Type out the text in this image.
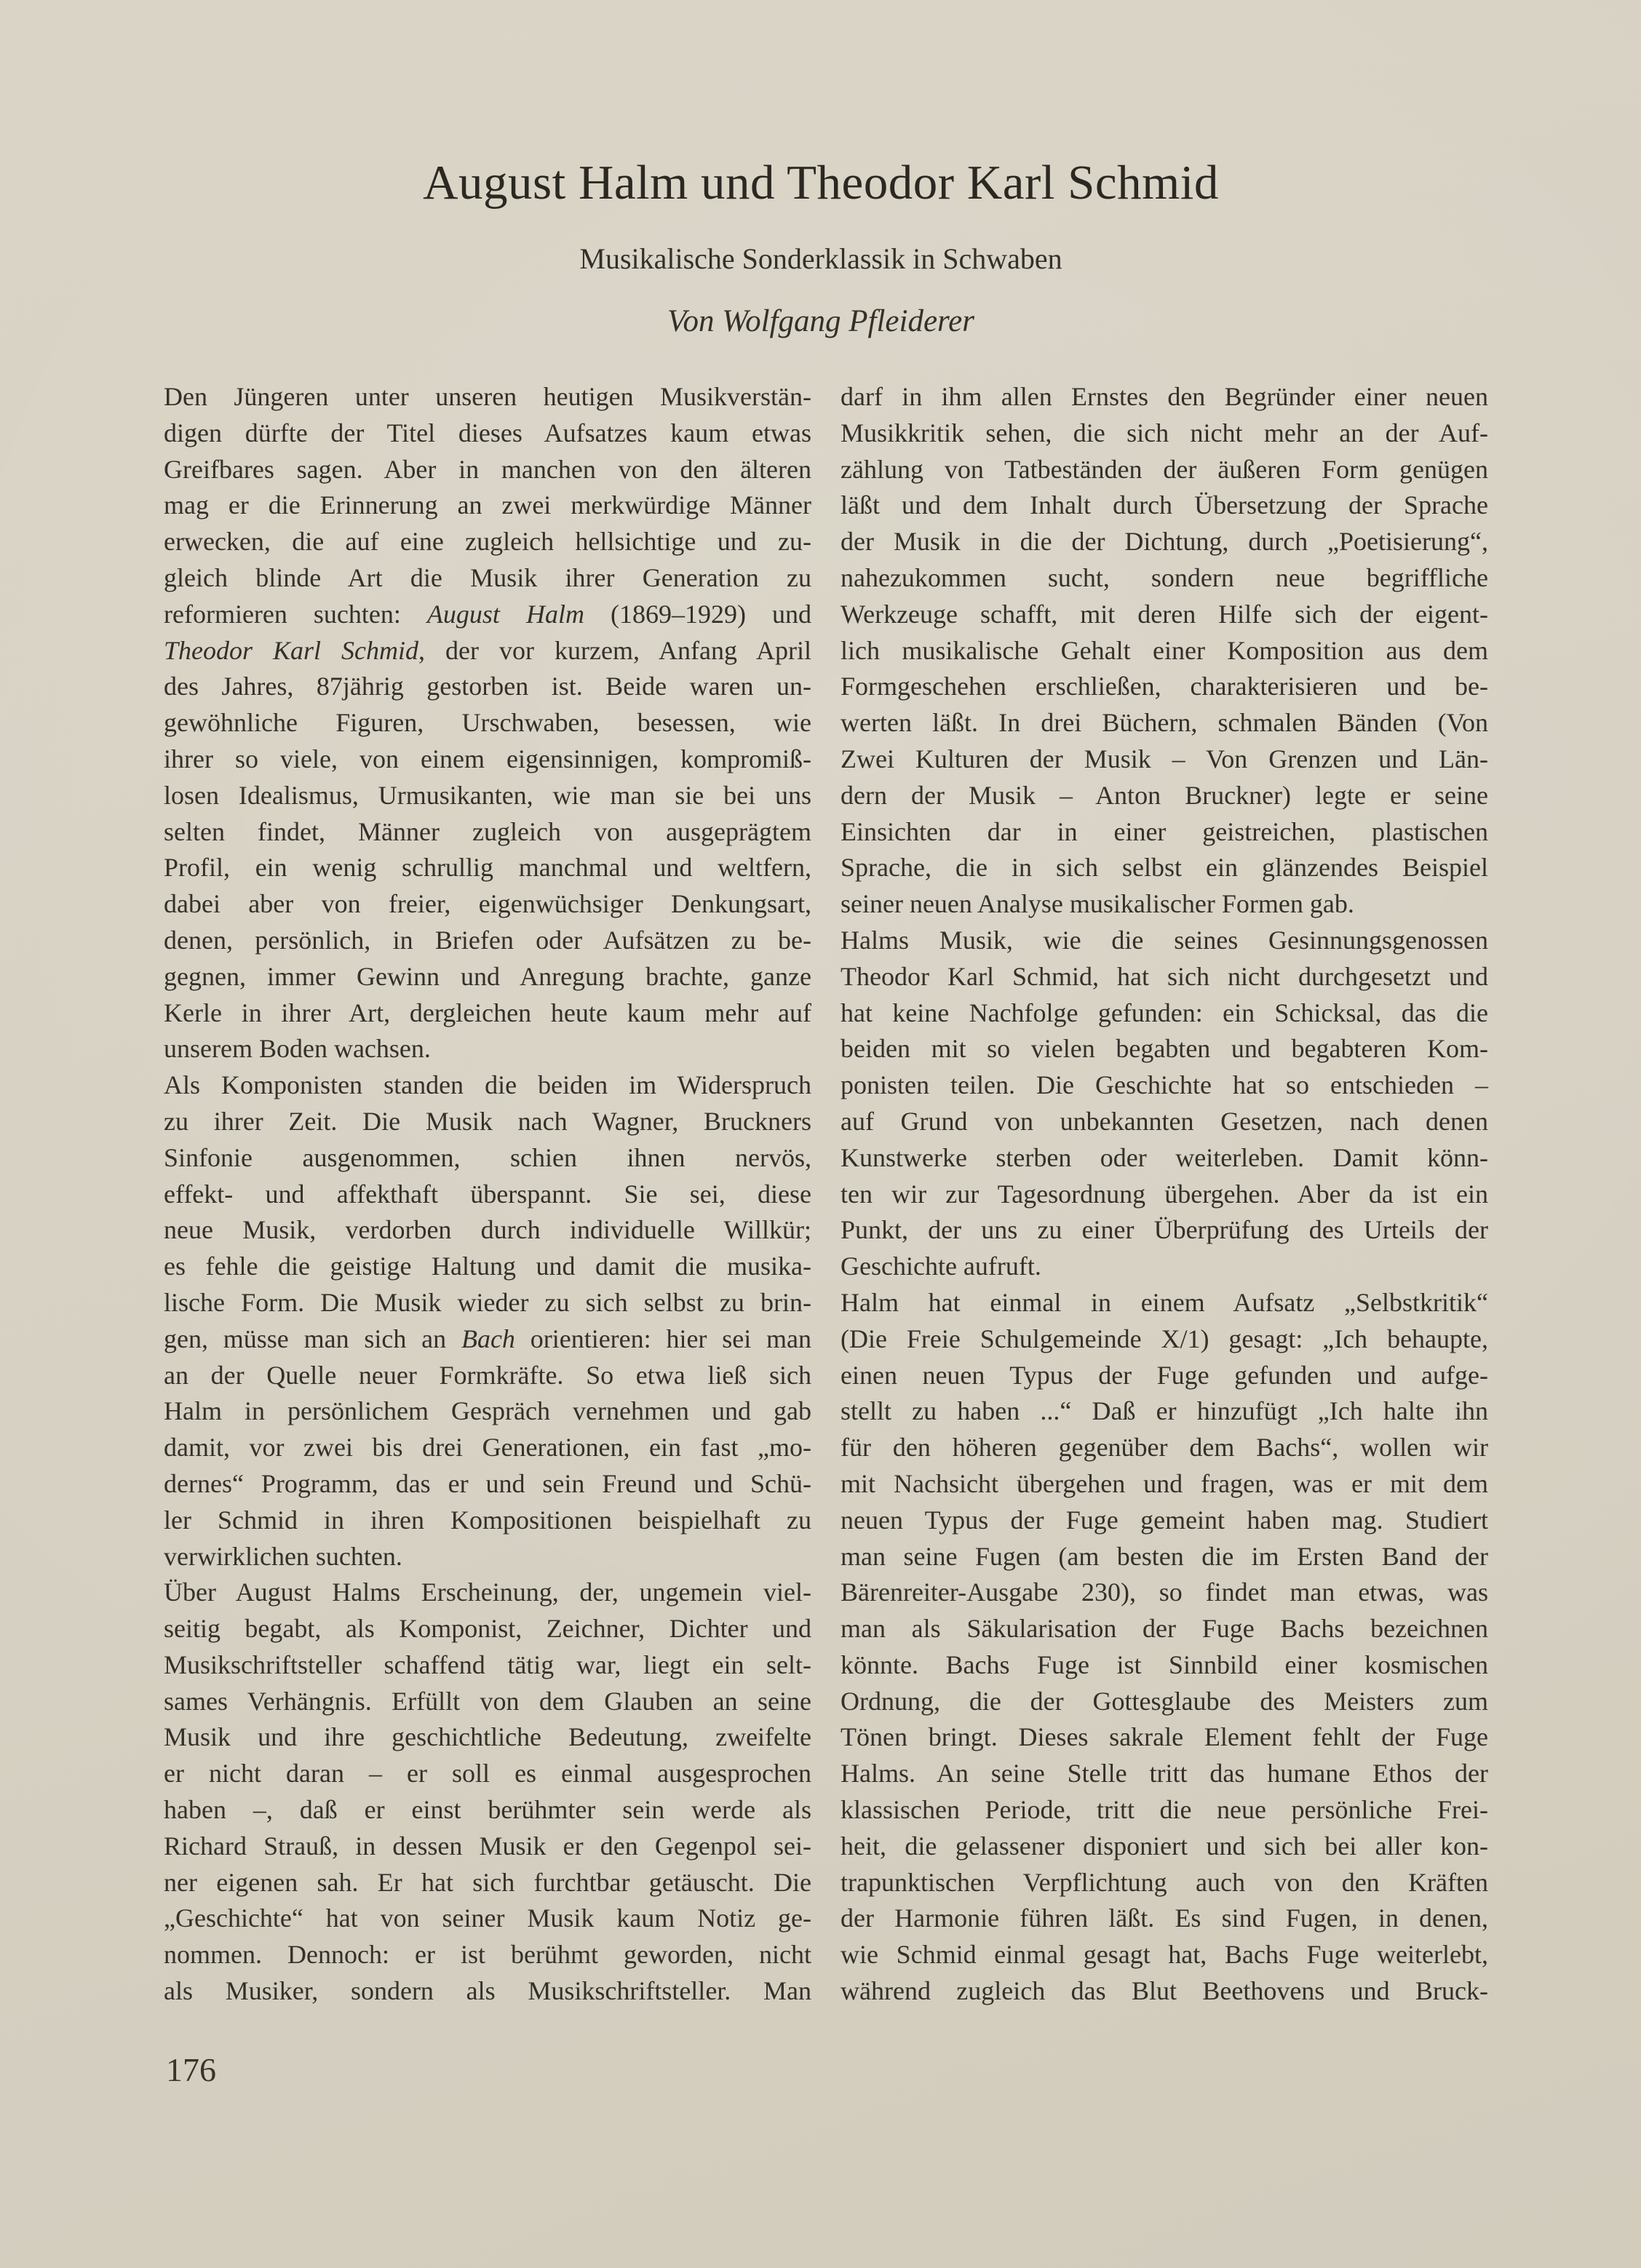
August Halm und Theodor Karl Schmid
Musikalische Sonderklassik in Schwaben
Von Wolfgang Pfleiderer
Den Jüngeren unter unseren heutigen Musikverstän-
digen dürfte der Titel dieses Aufsatzes kaum etwas
Greifbares sagen. Aber in manchen von den älteren
mag er die Erinnerung an zwei merkwürdige Männer
erwecken, die auf eine zugleich hellsichtige und zu-
gleich blinde Art die Musik ihrer Generation zu
reformieren suchten: August Halm (1869–1929) und
Theodor Karl Schmid, der vor kurzem, Anfang April
des Jahres, 87jährig gestorben ist. Beide waren un-
gewöhnliche Figuren, Urschwaben, besessen, wie
ihrer so viele, von einem eigensinnigen, kompromiß-
losen Idealismus, Urmusikanten, wie man sie bei uns
selten findet, Männer zugleich von ausgeprägtem
Profil, ein wenig schrullig manchmal und weltfern,
dabei aber von freier, eigenwüchsiger Denkungsart,
denen, persönlich, in Briefen oder Aufsätzen zu be-
gegnen, immer Gewinn und Anregung brachte, ganze
Kerle in ihrer Art, dergleichen heute kaum mehr auf
unserem Boden wachsen.
Als Komponisten standen die beiden im Widerspruch
zu ihrer Zeit. Die Musik nach Wagner, Bruckners
Sinfonie ausgenommen, schien ihnen nervös,
effekt- und affekthaft überspannt. Sie sei, diese
neue Musik, verdorben durch individuelle Willkür;
es fehle die geistige Haltung und damit die musika-
lische Form. Die Musik wieder zu sich selbst zu brin-
gen, müsse man sich an Bach orientieren: hier sei man
an der Quelle neuer Formkräfte. So etwa ließ sich
Halm in persönlichem Gespräch vernehmen und gab
damit, vor zwei bis drei Generationen, ein fast „mo-
dernes“ Programm, das er und sein Freund und Schü-
ler Schmid in ihren Kompositionen beispielhaft zu
verwirklichen suchten.
Über August Halms Erscheinung, der, ungemein viel-
seitig begabt, als Komponist, Zeichner, Dichter und
Musikschriftsteller schaffend tätig war, liegt ein selt-
sames Verhängnis. Erfüllt von dem Glauben an seine
Musik und ihre geschichtliche Bedeutung, zweifelte
er nicht daran – er soll es einmal ausgesprochen
haben –, daß er einst berühmter sein werde als
Richard Strauß, in dessen Musik er den Gegenpol sei-
ner eigenen sah. Er hat sich furchtbar getäuscht. Die
„Geschichte“ hat von seiner Musik kaum Notiz ge-
nommen. Dennoch: er ist berühmt geworden, nicht
als Musiker, sondern als Musikschriftsteller. Man
darf in ihm allen Ernstes den Begründer einer neuen
Musikkritik sehen, die sich nicht mehr an der Auf-
zählung von Tatbeständen der äußeren Form genügen
läßt und dem Inhalt durch Übersetzung der Sprache
der Musik in die der Dichtung, durch „Poetisierung“,
nahezukommen sucht, sondern neue begriffliche
Werkzeuge schafft, mit deren Hilfe sich der eigent-
lich musikalische Gehalt einer Komposition aus dem
Formgeschehen erschließen, charakterisieren und be-
werten läßt. In drei Büchern, schmalen Bänden (Von
Zwei Kulturen der Musik – Von Grenzen und Län-
dern der Musik – Anton Bruckner) legte er seine
Einsichten dar in einer geistreichen, plastischen
Sprache, die in sich selbst ein glänzendes Beispiel
seiner neuen Analyse musikalischer Formen gab.
Halms Musik, wie die seines Gesinnungsgenossen
Theodor Karl Schmid, hat sich nicht durchgesetzt und
hat keine Nachfolge gefunden: ein Schicksal, das die
beiden mit so vielen begabten und begabteren Kom-
ponisten teilen. Die Geschichte hat so entschieden –
auf Grund von unbekannten Gesetzen, nach denen
Kunstwerke sterben oder weiterleben. Damit könn-
ten wir zur Tagesordnung übergehen. Aber da ist ein
Punkt, der uns zu einer Überprüfung des Urteils der
Geschichte aufruft.
Halm hat einmal in einem Aufsatz „Selbstkritik“
(Die Freie Schulgemeinde X/1) gesagt: „Ich behaupte,
einen neuen Typus der Fuge gefunden und aufge-
stellt zu haben ...“ Daß er hinzufügt „Ich halte ihn
für den höheren gegenüber dem Bachs“, wollen wir
mit Nachsicht übergehen und fragen, was er mit dem
neuen Typus der Fuge gemeint haben mag. Studiert
man seine Fugen (am besten die im Ersten Band der
Bärenreiter-Ausgabe 230), so findet man etwas, was
man als Säkularisation der Fuge Bachs bezeichnen
könnte. Bachs Fuge ist Sinnbild einer kosmischen
Ordnung, die der Gottesglaube des Meisters zum
Tönen bringt. Dieses sakrale Element fehlt der Fuge
Halms. An seine Stelle tritt das humane Ethos der
klassischen Periode, tritt die neue persönliche Frei-
heit, die gelassener disponiert und sich bei aller kon-
trapunktischen Verpflichtung auch von den Kräften
der Harmonie führen läßt. Es sind Fugen, in denen,
wie Schmid einmal gesagt hat, Bachs Fuge weiterlebt,
während zugleich das Blut Beethovens und Bruck-
176
